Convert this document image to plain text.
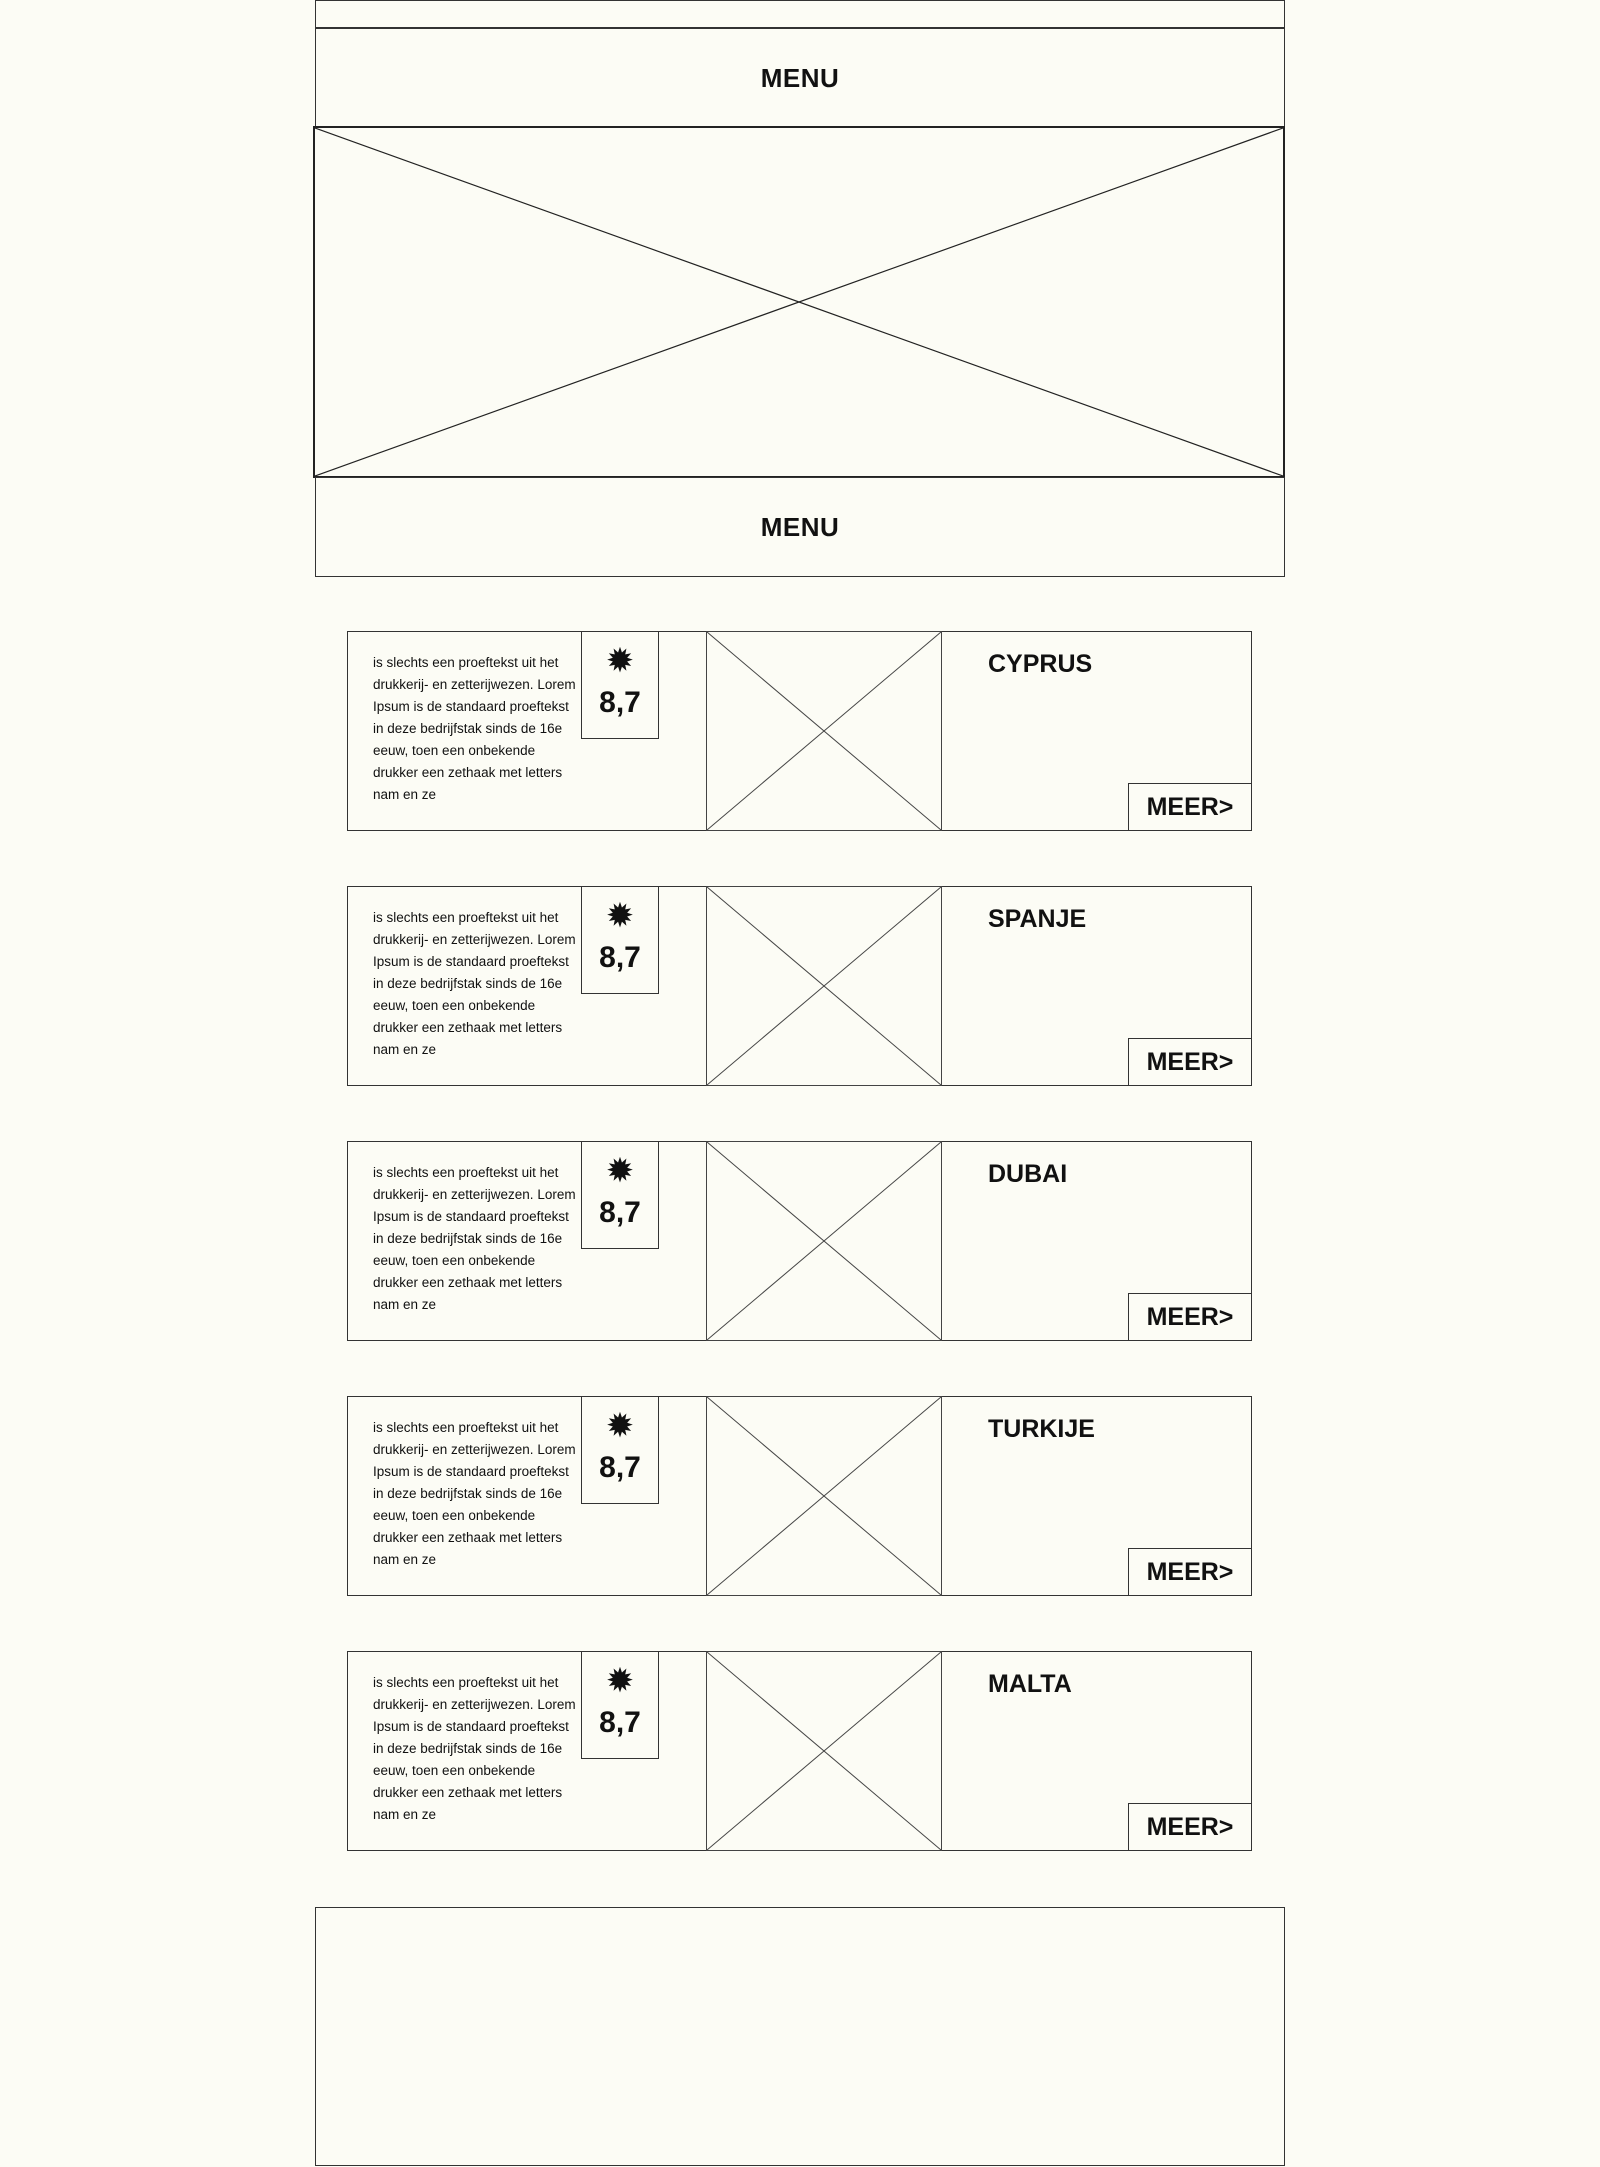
MENU
MENU
is slechts een proeftekst uit het drukkerij- en zetterijwezen. Lorem Ipsum is de standaard proeftekst in deze bedrijfstak sinds de 16e eeuw, toen een onbekende drukker een zethaak met letters nam en ze
✹
8,7
CYPRUS
MEER>
is slechts een proeftekst uit het drukkerij- en zetterijwezen. Lorem Ipsum is de standaard proeftekst in deze bedrijfstak sinds de 16e eeuw, toen een onbekende drukker een zethaak met letters nam en ze
✹
8,7
SPANJE
MEER>
is slechts een proeftekst uit het drukkerij- en zetterijwezen. Lorem Ipsum is de standaard proeftekst in deze bedrijfstak sinds de 16e eeuw, toen een onbekende drukker een zethaak met letters nam en ze
✹
8,7
DUBAI
MEER>
is slechts een proeftekst uit het drukkerij- en zetterijwezen. Lorem Ipsum is de standaard proeftekst in deze bedrijfstak sinds de 16e eeuw, toen een onbekende drukker een zethaak met letters nam en ze
✹
8,7
TURKIJE
MEER>
is slechts een proeftekst uit het drukkerij- en zetterijwezen. Lorem Ipsum is de standaard proeftekst in deze bedrijfstak sinds de 16e eeuw, toen een onbekende drukker een zethaak met letters nam en ze
✹
8,7
MALTA
MEER>
